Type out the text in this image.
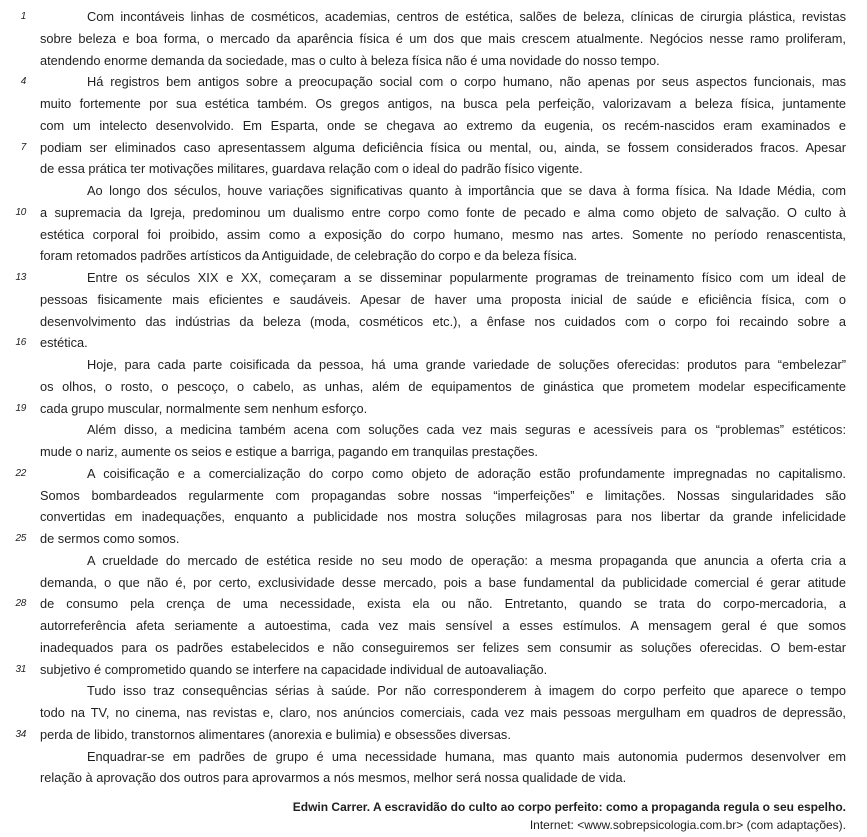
1	Com incontáveis linhas de cosméticos, academias, centros de estética, salões de beleza, clínicas de cirurgia plástica, revistas
sobre beleza e boa forma, o mercado da aparência física é um dos que mais crescem atualmente. Negócios nesse ramo proliferam,
atendendo enorme demanda da sociedade, mas o culto à beleza física não é uma novidade do nosso tempo.
4	Há registros bem antigos sobre a preocupação social com o corpo humano, não apenas por seus aspectos funcionais, mas
muito fortemente por sua estética também. Os gregos antigos, na busca pela perfeição, valorizavam a beleza física, juntamente
com um intelecto desenvolvido. Em Esparta, onde se chegava ao extremo da eugenia, os recém-nascidos eram examinados e
7 podiam ser eliminados caso apresentassem alguma deficiência física ou mental, ou, ainda, se fossem considerados fracos. Apesar
de essa prática ter motivações militares, guardava relação com o ideal do padrão físico vigente.
Ao longo dos séculos, houve variações significativas quanto à importância que se dava à forma física. Na Idade Média, com
10 a supremacia da Igreja, predominou um dualismo entre corpo como fonte de pecado e alma como objeto de salvação. O culto à
estética corporal foi proibido, assim como a exposição do corpo humano, mesmo nas artes. Somente no período renascentista,
foram retomados padrões artísticos da Antiguidade, de celebração do corpo e da beleza física.
13	Entre os séculos XIX e XX, começaram a se disseminar popularmente programas de treinamento físico com um ideal de
pessoas fisicamente mais eficientes e saudáveis. Apesar de haver uma proposta inicial de saúde e eficiência física, com o
desenvolvimento das indústrias da beleza (moda, cosméticos etc.), a ênfase nos cuidados com o corpo foi recaindo sobre a
16 estética.
Hoje, para cada parte coisificada da pessoa, há uma grande variedade de soluções oferecidas: produtos para “embelezar”
os olhos, o rosto, o pescoço, o cabelo, as unhas, além de equipamentos de ginástica que prometem modelar especificamente
19 cada grupo muscular, normalmente sem nenhum esforço.
Além disso, a medicina também acena com soluções cada vez mais seguras e acessíveis para os “problemas” estéticos:
mude o nariz, aumente os seios e estique a barriga, pagando em tranquilas prestações.
22	A coisificação e a comercialização do corpo como objeto de adoração estão profundamente impregnadas no capitalismo.
Somos bombardeados regularmente com propagandas sobre nossas “imperfeições” e limitações. Nossas singularidades são
convertidas em inadequações, enquanto a publicidade nos mostra soluções milagrosas para nos libertar da grande infelicidade
25 de sermos como somos.
A crueldade do mercado de estética reside no seu modo de operação: a mesma propaganda que anuncia a oferta cria a
demanda, o que não é, por certo, exclusividade desse mercado, pois a base fundamental da publicidade comercial é gerar atitude
28 de consumo pela crença de uma necessidade, exista ela ou não. Entretanto, quando se trata do corpo-mercadoria, a
autorreferência afeta seriamente a autoestima, cada vez mais sensível a esses estímulos. A mensagem geral é que somos
inadequados para os padrões estabelecidos e não conseguiremos ser felizes sem consumir as soluções oferecidas. O bem-estar
31 subjetivo é comprometido quando se interfere na capacidade individual de autoavaliação.
Tudo isso traz consequências sérias à saúde. Por não corresponderem à imagem do corpo perfeito que aparece o tempo
todo na TV, no cinema, nas revistas e, claro, nos anúncios comerciais, cada vez mais pessoas mergulham em quadros de depressão,
34 perda de libido, transtornos alimentares (anorexia e bulimia) e obsessões diversas.
Enquadrar-se em padrões de grupo é uma necessidade humana, mas quanto mais autonomia pudermos desenvolver em
relação à aprovação dos outros para aprovarmos a nós mesmos, melhor será nossa qualidade de vida.
Edwin Carrer. A escravidão do culto ao corpo perfeito: como a propaganda regula o seu espelho.
Internet: <www.sobrepsicologia.com.br> (com adaptações).
